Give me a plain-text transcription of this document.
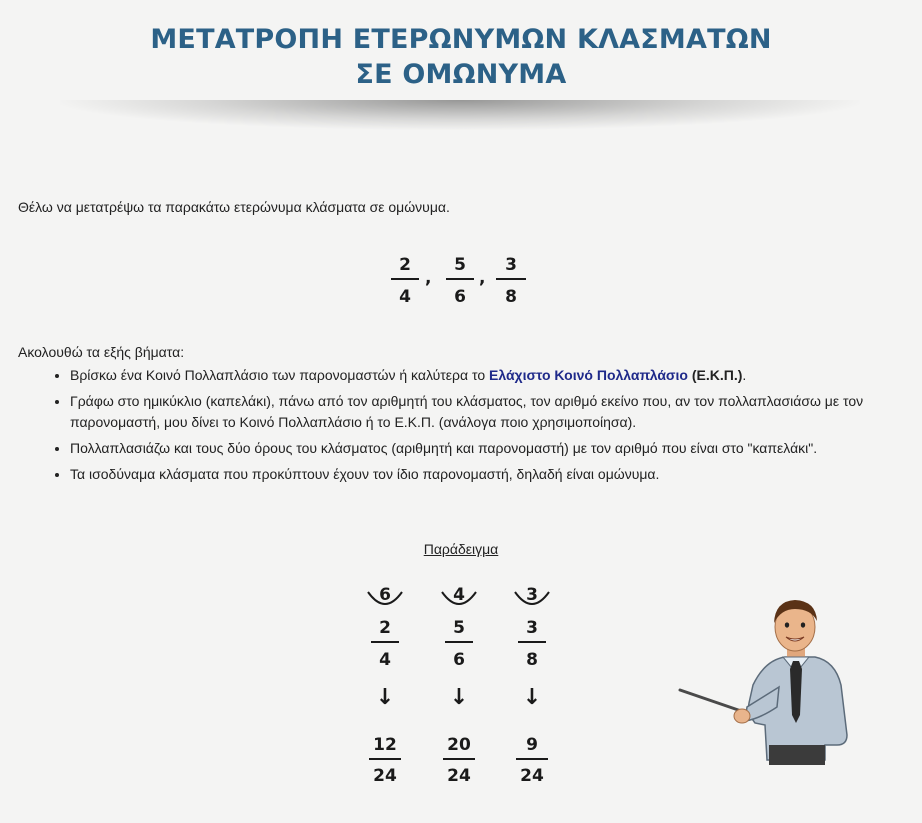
ΜΕΤΑΤΡΟΠΗ ΕΤΕΡΩΝΥΜΩΝ ΚΛΑΣΜΑΤΩΝ
ΣΕ ΟΜΩΝΥΜΑ
Θέλω να μετατρέψω τα παρακάτω ετερώνυμα κλάσματα σε ομώνυμα.
2
4
,
5
6
,
3
8
Ακολουθώ τα εξής βήματα:
• Βρίσκω ένα Κοινό Πολλαπλάσιο των παρονομαστών ή καλύτερα το Ελάχιστο Κοινό Πολλαπλάσιο (Ε.Κ.Π.).
• Γράφω στο ημικύκλιο (καπελάκι), πάνω από τον αριθμητή του κλάσματος, τον αριθμό εκείνο που, αν τον πολλαπλασιάσω με τον παρονομαστή, μου δίνει το Κοινό Πολλαπλάσιο ή το Ε.Κ.Π. (ανάλογα ποιο χρησιμοποίησα).
• Πολλαπλασιάζω και τους δύο όρους του κλάσματος (αριθμητή και παρονομαστή) με τον αριθμό που είναι στο "καπελάκι".
• Τα ισοδύναμα κλάσματα που προκύπτουν έχουν τον ίδιο παρονομαστή, δηλαδή είναι ομώνυμα.
Παράδειγμα
6
2
4
↓
12
24
4
5
6
↓
20
24
3
3
8
↓
9
24
